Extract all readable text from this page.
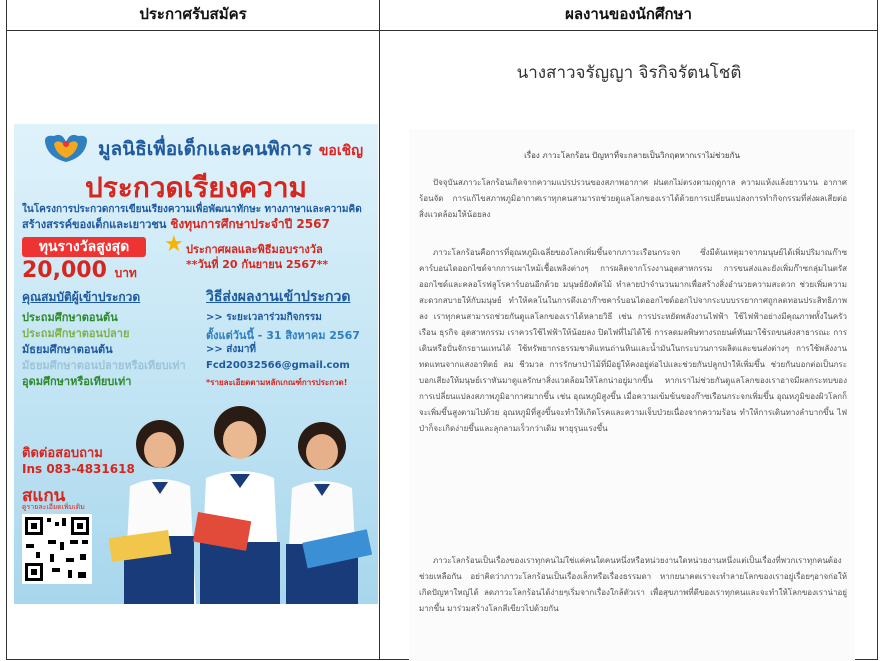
ประกาศรับสมัคร	ผลงานของนักศึกษา
มูลนิธิเพื่อเด็กและคนพิการ ขอเชิญ
ประกวดเรียงความ
ในโครงการประกวดการเขียนเรียงความเพื่อพัฒนาทักษะ ทางภาษาและความคิด
สร้างสรรค์ของเด็กและเยาวชน ชิงทุนการศึกษาประจำปี 2567
ทุนรางวัลสูงสุด
20,000 บาท
★ ประกาศผลและพิธีมอบรางวัล
**วันที่ 20 กันยายน 2567**
คุณสมบัติผู้เข้าประกวด
ประถมศึกษาตอนต้น
ประถมศึกษาตอนปลาย
มัธยมศึกษาตอนต้น
มัธยมศึกษาตอนปลายหรือเทียบเท่า
อุดมศึกษาหรือเทียบเท่า
วิธีส่งผลงานเข้าประกวด
>> ระยะเวลาร่วมกิจกรรม
ตั้งแต่วันนี้ - 31 สิงหาคม 2567
>> ส่งมาที่
Fcd20032566@gmail.com
*รายละเอียดตามหลักเกณฑ์การประกวด!
ติดต่อสอบถาม
Ins 083-4831618
สแกน
ดูรายละเอียดเพิ่มเติม
นางสาวจรัญญา จิรกิจรัตนโชติ
เรื่อง ภาวะโลกร้อน ปัญหาที่จะกลายเป็นวิกฤตหากเราไม่ช่วยกัน

ปัจจุบันสภาวะโลกร้อนเกิดจากความแปรปรวนของสภาพอากาศ ฝนตกไม่ตรงตามฤดูกาล ความแห้งแล้งยาวนาน อากาศร้อนจัด การแก้ไขสภาพภูมิอากาศเราทุกคนสามารถช่วยดูแลโลกของเราได้ด้วยการเปลี่ยนแปลงการทำกิจกรรมที่ส่งผลเสียต่อสิ่งแวดล้อมให้น้อยลง

ภาวะโลกร้อนคือการที่อุณหภูมิเฉลี่ยของโลกเพิ่มขึ้นจากภาวะเรือนกระจก ซึ่งมีต้นเหตุมาจากมนุษย์ได้เพิ่มปริมาณก๊าซคาร์บอนไดออกไซด์จากการเผาไหม้เชื้อเพลิงต่างๆ การผลิตจากโรงงานอุตสาหกรรม การขนส่งและยังเพิ่มก๊าซกลุ่มไนตรัสออกไซด์และคลอโรฟลูโรคาร์บอนอีกด้วย มนุษย์ยังตัดไม้ ทำลายป่าจำนวนมากเพื่อสร้างสิ่งอำนวยความสะดวก ช่วยเพิ่มความสะดวกสบายให้กับมนุษย์ ทำให้คลโนในการดึงเอาก๊าซคาร์บอนไดออกไซด์ออกไปจากระบบบรรยากาศถูกลดทอนประสิทธิภาพลง เราทุกคนสามารถช่วยกันดูแลโลกของเราได้หลายวิธี เช่น การประหยัดพลังงานไฟฟ้า ใช้ไฟฟ้าอย่างมีคุณภาพทั้งในครัวเรือน ธุรกิจ อุตสาหกรรม เราควรใช้ไฟฟ้าให้น้อยลง ปิดไฟที่ไม่ได้ใช้ การลดมลพิษทางรถยนต์หันมาใช้รถขนส่งสาธารณะ การเดินหรือปั่นจักรยานแทนได้ ใช้ทรัพยากรธรรมชาติแทนถ่านหินและน้ำมันในกระบวนการผลิตและขนส่งต่างๆ การใช้พลังงานทดแทนจากแสงอาทิตย์ ลม ชีวมวล การรักษาป่าไม้ที่มีอยู่ให้คงอยู่ต่อไปและช่วยกันปลูกป่าให้เพิ่มขึ้น ช่วยกันบอกต่อเป็นกระบอกเสียงให้มนุษย์เราหันมาดูแลรักษาสิ่งแวดล้อมให้โลกน่าอยู่มากขึ้น หากเราไม่ช่วยกันดูแลโลกของเราอาจมีผลกระทบของการเปลี่ยนแปลงสภาพภูมิอากาศมากขึ้น เช่น อุณหภูมิสูงขึ้น เมื่อความเข้มข้นของก๊าซเรือนกระจกเพิ่มขึ้น อุณหภูมิของผิวโลกก็จะเพิ่มขึ้นสูงตามไปด้วย อุณหภูมิที่สูงขึ้นจะทำให้เกิดโรคและความเจ็บป่วยเนื่องจากความร้อน ทำให้การเดินทางลำบากขึ้น ไฟป่าก็จะเกิดง่ายขึ้นและลุกลามเร็วกว่าเดิม พายุรุนแรงขึ้น

ภาวะโลกร้อนเป็นเรื่องของเราทุกคนไม่ใช่แค่คนใดคนหนึ่งหรือหน่วยงานใดหน่วยงานหนึ่งแต่เป็นเรื่องที่พวกเราทุกคนต้องช่วยเหลือกัน อย่าคิดว่าภาวะโลกร้อนเป็นเรื่องเล็กหรือเรื่องธรรมดา หากยนาคตเราจะทำลายโลกของเราอยู่เรื่อยๆอาจก่อให้เกิดปัญหาใหญ่ได้ ลดภาวะโลกร้อนได้ง่ายๆเริ่มจากเรื่องใกล้ตัวเรา เพื่อสุขภาพที่ดีของเราทุกคนและจะทำให้โลกของเราน่าอยู่มากขึ้น มาร่วมสร้างโลกสีเขียวไปด้วยกัน
